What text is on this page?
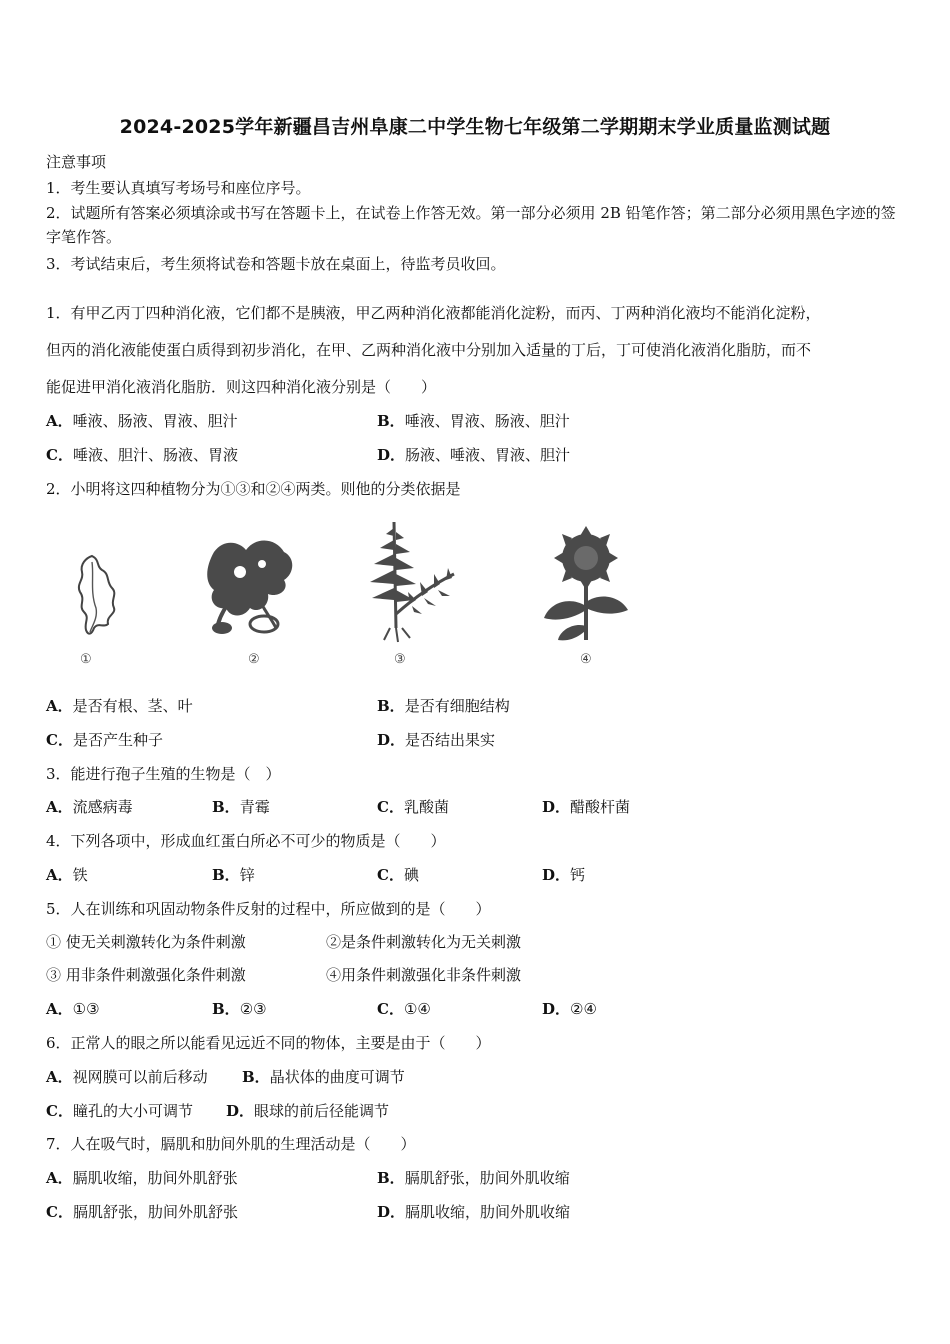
2024-2025学年新疆昌吉州阜康二中学生物七年级第二学期期末学业质量监测试题
注意事项
1．考生要认真填写考场号和座位序号。
2．试题所有答案必须填涂或书写在答题卡上，在试卷上作答无效。第一部分必须用 2B 铅笔作答；第二部分必须用黑色字迹的签字笔作答。
3．考试结束后，考生须将试卷和答题卡放在桌面上，待监考员收回。
1．有甲乙丙丁四种消化液，它们都不是胰液，甲乙两种消化液都能消化淀粉，而丙、丁两种消化液均不能消化淀粉，
但丙的消化液能使蛋白质得到初步消化，在甲、乙两种消化液中分别加入适量的丁后，丁可使消化液消化脂肪，而不
能促进甲消化液消化脂肪．则这四种消化液分别是（　　）
A．唾液、肠液、胃液、胆汁	B．唾液、胃液、肠液、胆汁
C．唾液、胆汁、肠液、胃液	D．肠液、唾液、胃液、胆汁
2．小明将这四种植物分为①③和②④两类。则他的分类依据是
①	②	③	④
A．是否有根、茎、叶	B．是否有细胞结构
C．是否产生种子	D．是否结出果实
3．能进行孢子生殖的生物是（　）
A．流感病毒	B．青霉	C．乳酸菌	D．醋酸杆菌
4．下列各项中，形成血红蛋白所必不可少的物质是（　　）
A．铁	B．锌	C．碘	D．钙
5．人在训练和巩固动物条件反射的过程中，所应做到的是（　　）
① 使无关刺激转化为条件刺激	②是条件刺激转化为无关刺激
③ 用非条件刺激强化条件刺激	④用条件刺激强化非条件刺激
A．①③	B．②③	C．①④	D．②④
6．正常人的眼之所以能看见远近不同的物体，主要是由于（　　）
A．视网膜可以前后移动 B．晶状体的曲度可调节
C．瞳孔的大小可调节 D．眼球的前后径能调节
7．人在吸气时，膈肌和肋间外肌的生理活动是（　　）
A．膈肌收缩，肋间外肌舒张	B．膈肌舒张，肋间外肌收缩
C．膈肌舒张，肋间外肌舒张	D．膈肌收缩，肋间外肌收缩
